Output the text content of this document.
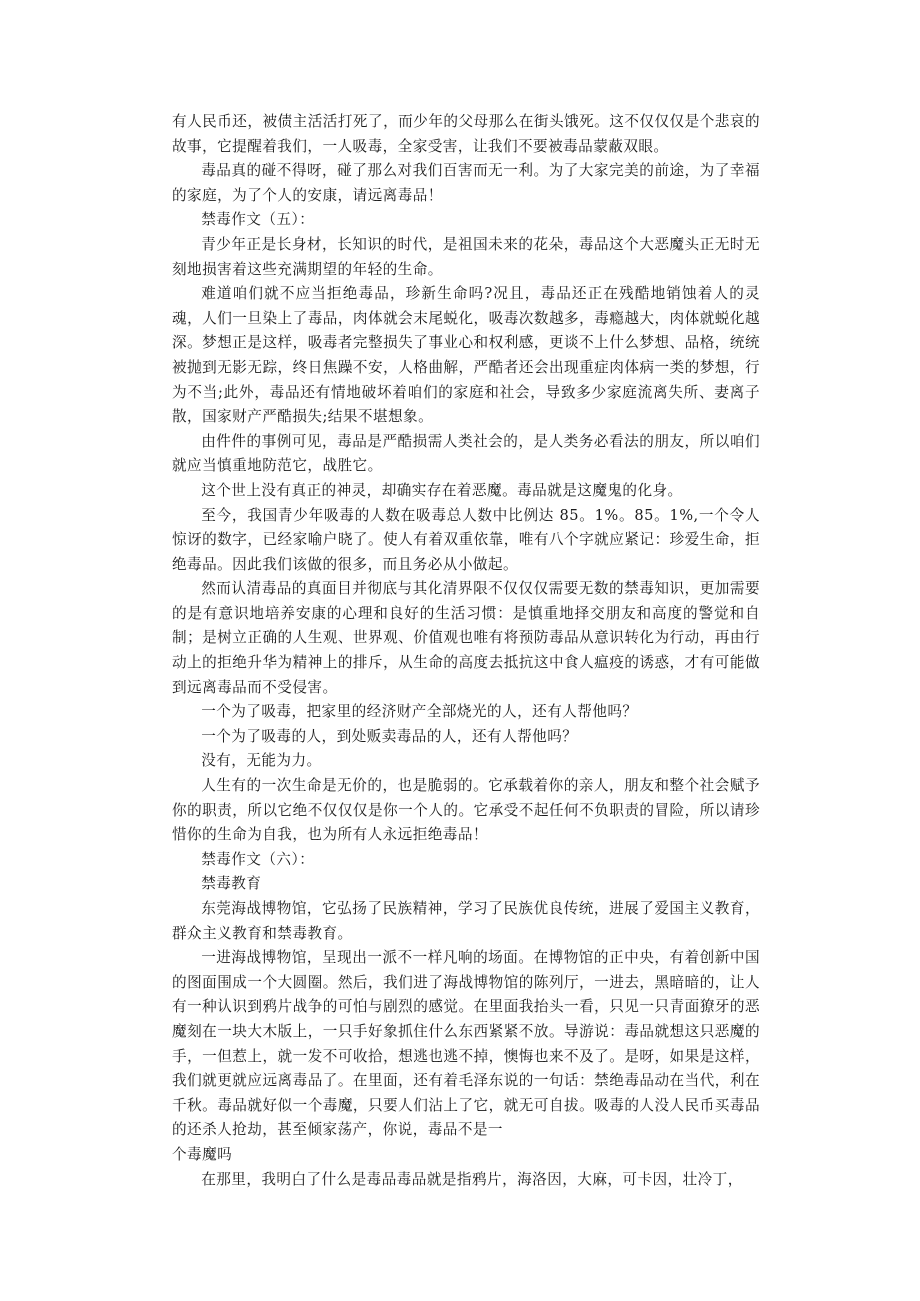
有人民币还，被债主活活打死了，而少年的父母那么在街头饿死。这不仅仅仅是个悲哀的故事，它提醒着我们，一人吸毒，全家受害，让我们不要被毒品蒙蔽双眼。

毒品真的碰不得呀，碰了那么对我们百害而无一利。为了大家完美的前途，为了幸福的家庭，为了个人的安康，请远离毒品！

禁毒作文（五）：

青少年正是长身材，长知识的时代，是祖国未来的花朵，毒品这个大恶魔头正无时无刻地损害着这些充满期望的年轻的生命。

难道咱们就不应当拒绝毒品，珍新生命吗?况且，毒品还正在残酷地销蚀着人的灵魂，人们一旦染上了毒品，肉体就会末尾蜕化，吸毒次数越多，毒瘾越大，肉体就蜕化越深。梦想正是这样，吸毒者完整损失了事业心和权利感，更谈不上什么梦想、品格，统统被抛到无影无踪，终日焦躁不安，人格曲解，严酷者还会出现重症肉体病一类的梦想，行为不当;此外，毒品还有情地破坏着咱们的家庭和社会，导致多少家庭流离失所、妻离子散，国家财产严酷损失;结果不堪想象。

由件件的事例可见，毒品是严酷损需人类社会的，是人类务必看法的朋友，所以咱们就应当慎重地防范它，战胜它。

这个世上没有真正的神灵，却确实存在着恶魔。毒品就是这魔鬼的化身。

至今，我国青少年吸毒的人数在吸毒总人数中比例达 85。1%。85。1%,一个令人惊讶的数字，已经家喻户晓了。使人有着双重依靠，唯有八个字就应紧记：珍爱生命，拒绝毒品。因此我们该做的很多，而且务必从小做起。

然而认清毒品的真面目并彻底与其化清界限不仅仅仅需要无数的禁毒知识，更加需要的是有意识地培养安康的心理和良好的生活习惯：是慎重地择交朋友和高度的警觉和自制；是树立正确的人生观、世界观、价值观也唯有将预防毒品从意识转化为行动，再由行动上的拒绝升华为精神上的排斥，从生命的高度去抵抗这中食人瘟疫的诱惑，才有可能做到远离毒品而不受侵害。

一个为了吸毒，把家里的经济财产全部烧光的人，还有人帮他吗？

一个为了吸毒的人，到处贩卖毒品的人，还有人帮他吗？

没有，无能为力。

人生有的一次生命是无价的，也是脆弱的。它承载着你的亲人，朋友和整个社会赋予你的职责，所以它绝不仅仅仅是你一个人的。它承受不起任何不负职责的冒险，所以请珍惜你的生命为自我，也为所有人永远拒绝毒品！

禁毒作文（六）：

禁毒教育

东莞海战博物馆，它弘扬了民族精神，学习了民族优良传统，进展了爱国主义教育，群众主义教育和禁毒教育。

一进海战博物馆，呈现出一派不一样凡响的场面。在博物馆的正中央，有着创新中国的图面围成一个大圆圈。然后，我们进了海战博物馆的陈列厅，一进去，黑暗暗的，让人有一种认识到鸦片战争的可怕与剧烈的感觉。在里面我抬头一看，只见一只青面獠牙的恶魔刻在一块大木版上，一只手好象抓住什么东西紧紧不放。导游说：毒品就想这只恶魔的手，一但惹上，就一发不可收拾，想逃也逃不掉，懊悔也来不及了。是呀，如果是这样，我们就更就应远离毒品了。在里面，还有着毛泽东说的一句话：禁绝毒品动在当代，利在千秋。毒品就好似一个毒魔，只要人们沾上了它，就无可自拔。吸毒的人没人民币买毒品的还杀人抢劫，甚至倾家荡产，你说，毒品不是一

个毒魔吗

在那里，我明白了什么是毒品毒品就是指鸦片，海洛因，大麻，可卡因，壮冷丁，
